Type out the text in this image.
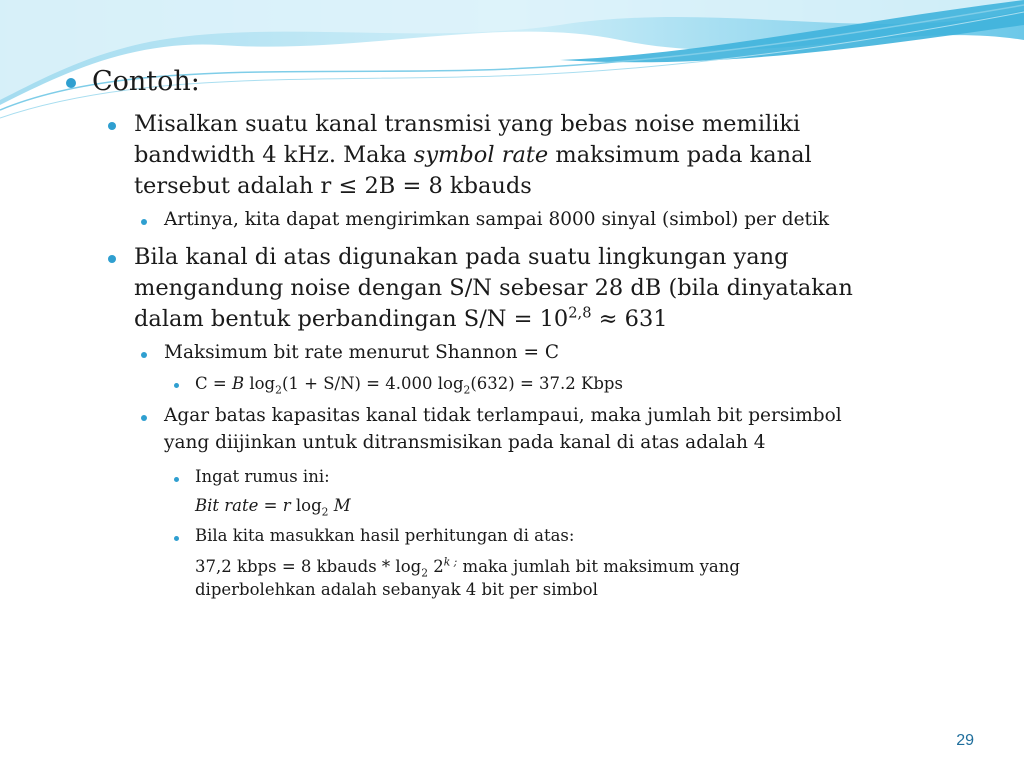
Contoh:
Misalkan suatu kanal transmisi yang bebas noise memiliki
bandwidth 4 kHz. Maka symbol rate maksimum pada kanal
tersebut adalah r ≤ 2B = 8 kbauds
Artinya, kita dapat mengirimkan sampai 8000 sinyal (simbol) per detik
Bila kanal di atas digunakan pada suatu lingkungan yang
mengandung noise dengan S/N sebesar 28 dB (bila dinyatakan
dalam bentuk perbandingan $S/N = 10^{2,8} \approx 631$
Maksimum bit rate menurut Shannon = C
C = B $\log_2(1 + S/N) = 4.000$ $\log_2(632) = 37.2$ Kbps
Agar batas kapasitas kanal tidak terlampaui, maka jumlah bit persimbol
yang diijinkan untuk ditransmisikan pada kanal di atas adalah 4
Ingat rumus ini:
Bit rate = r $\log_2 M$
Bila kita masukkan hasil perhitungan di atas:
37,2 kbps = 8 kbauds * $\log_2 2^{k ;}$ maka jumlah bit maksimum yang
diperbolehkan adalah sebanyak 4 bit per simbol
29
